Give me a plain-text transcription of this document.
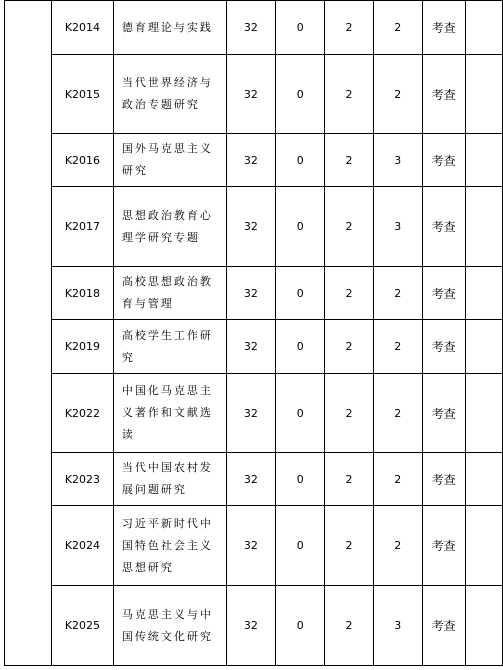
	K2014	德育理论与实践	32	0	2	2	考查	
	K2015	当代世界经济与政治专题研究	32	0	2	2	考查	
	K2016	国外马克思主义研究	32	0	2	3	考查	
	K2017	思想政治教育心理学研究专题	32	0	2	3	考查	
	K2018	高校思想政治教育与管理	32	0	2	2	考查	
	K2019	高校学生工作研究	32	0	2	2	考查	
	K2022	中国化马克思主义著作和文献选读	32	0	2	2	考查	
	K2023	当代中国农村发展问题研究	32	0	2	2	考查	
	K2024	习近平新时代中国特色社会主义思想研究	32	0	2	2	考查	
	K2025	马克思主义与中国传统文化研究	32	0	2	3	考查	
